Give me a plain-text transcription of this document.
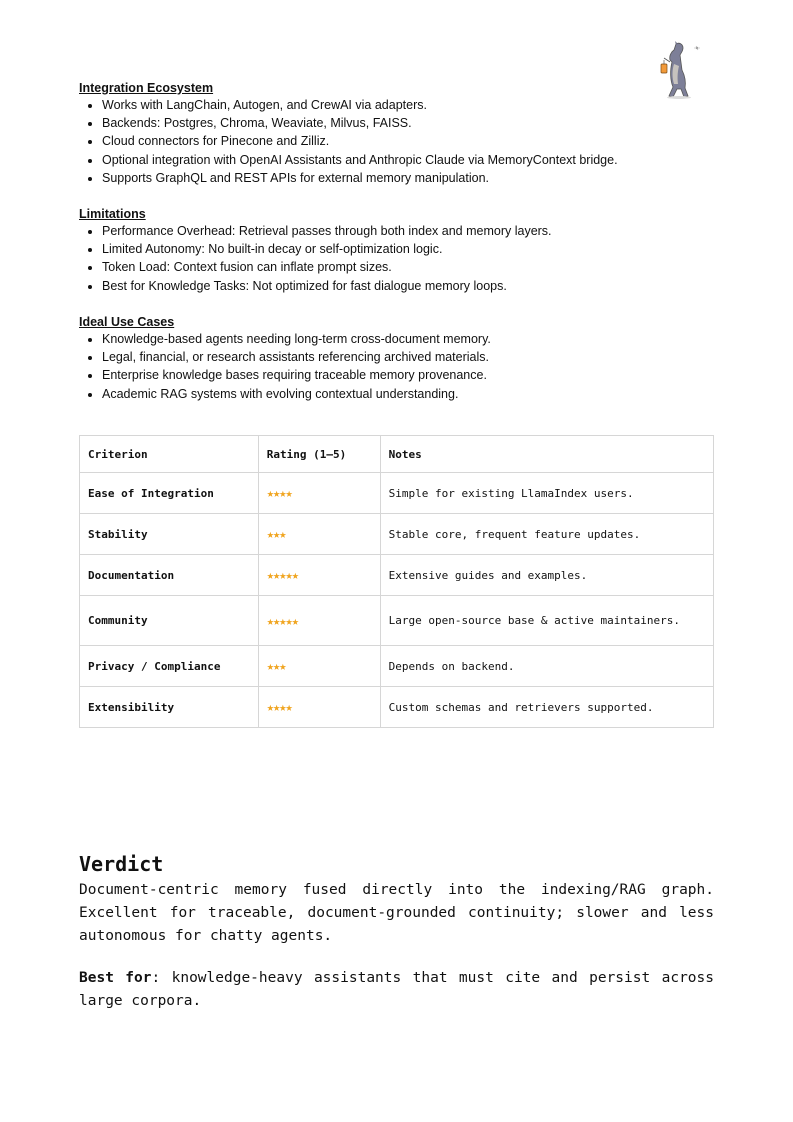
Integration Ecosystem
• Works with LangChain, Autogen, and CrewAI via adapters.
• Backends: Postgres, Chroma, Weaviate, Milvus, FAISS.
• Cloud connectors for Pinecone and Zilliz.
• Optional integration with OpenAI Assistants and Anthropic Claude via MemoryContext bridge.
• Supports GraphQL and REST APIs for external memory manipulation.
Limitations
• Performance Overhead: Retrieval passes through both index and memory layers.
• Limited Autonomy: No built-in decay or self-optimization logic.
• Token Load: Context fusion can inflate prompt sizes.
• Best for Knowledge Tasks: Not optimized for fast dialogue memory loops.
Ideal Use Cases
• Knowledge-based agents needing long-term cross-document memory.
• Legal, financial, or research assistants referencing archived materials.
• Enterprise knowledge bases requiring traceable memory provenance.
• Academic RAG systems with evolving contextual understanding.
Criterion	Rating (1–5)	Notes
Ease of Integration	★★★★	Simple for existing LlamaIndex users.
Stability	★★★	Stable core, frequent feature updates.
Documentation	★★★★★	Extensive guides and examples.
Community	★★★★★	Large open-source base & active maintainers.
Privacy / Compliance	★★★	Depends on backend.
Extensibility	★★★★	Custom schemas and retrievers supported.
Verdict

Document-centric memory fused directly into the indexing/RAG graph. Excellent for traceable, document-grounded continuity; slower and less autonomous for chatty agents.

Best for: knowledge-heavy assistants that must cite and persist across large corpora.
